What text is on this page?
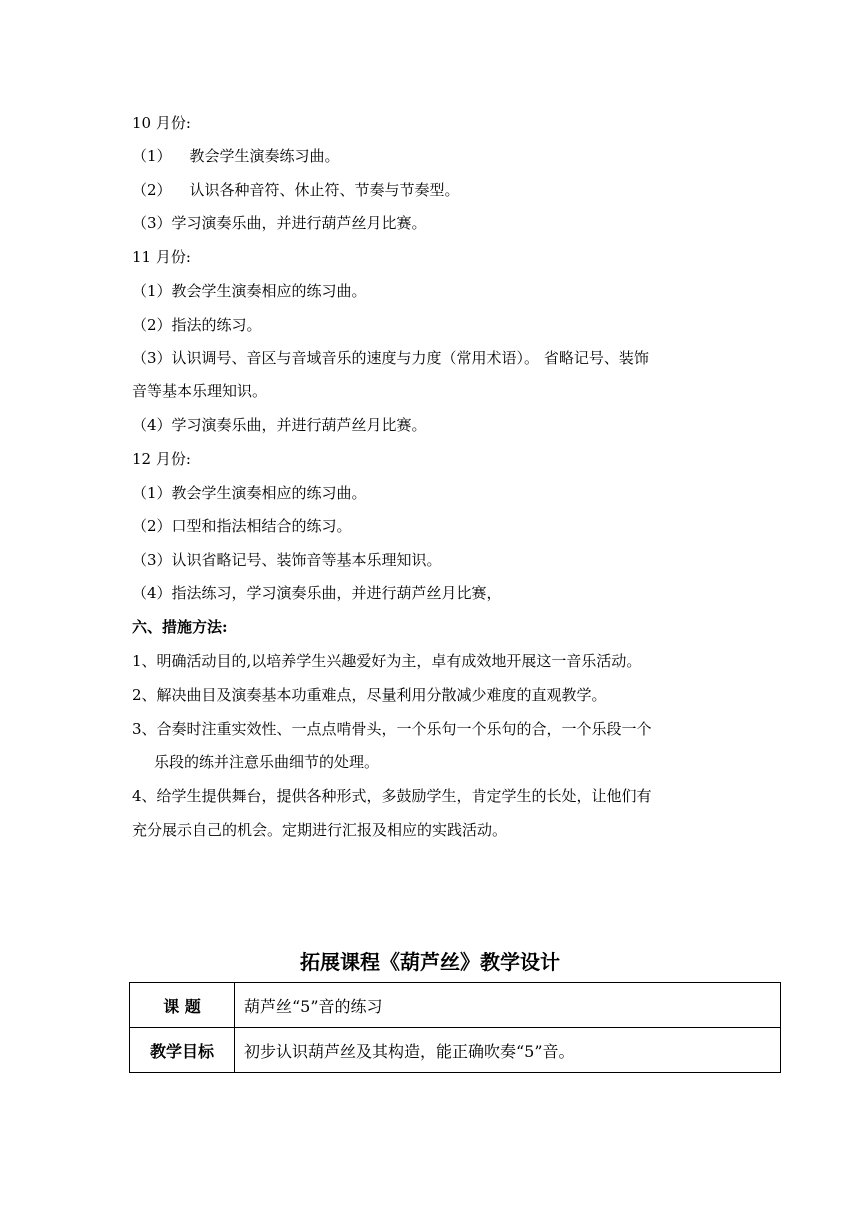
10 月份:
（1） 教会学生演奏练习曲。
（2） 认识各种音符、休止符、节奏与节奏型。
（3）学习演奏乐曲，并进行葫芦丝月比赛。
11 月份:
（1）教会学生演奏相应的练习曲。
（2）指法的练习。
（3）认识调号、音区与音域音乐的速度与力度（常用术语）。 省略记号、装饰
音等基本乐理知识。
（4）学习演奏乐曲，并进行葫芦丝月比赛。
12 月份:
（1）教会学生演奏相应的练习曲。
（2）口型和指法相结合的练习。
（3）认识省略记号、装饰音等基本乐理知识。
（4）指法练习，学习演奏乐曲，并进行葫芦丝月比赛，
六、措施方法:
1、明确活动目的,以培养学生兴趣爱好为主，卓有成效地开展这一音乐活动。
2、解决曲目及演奏基本功重难点，尽量利用分散减少难度的直观教学。
3、合奏时注重实效性、一点点啃骨头，一个乐句一个乐句的合，一个乐段一个
乐段的练并注意乐曲细节的处理。
4、给学生提供舞台，提供各种形式，多鼓励学生，肯定学生的长处，让他们有
充分展示自己的机会。定期进行汇报及相应的实践活动。
拓展课程《葫芦丝》教学设计
课 题	葫芦丝“5”音的练习
教学目标	初步认识葫芦丝及其构造，能正确吹奏“5”音。
